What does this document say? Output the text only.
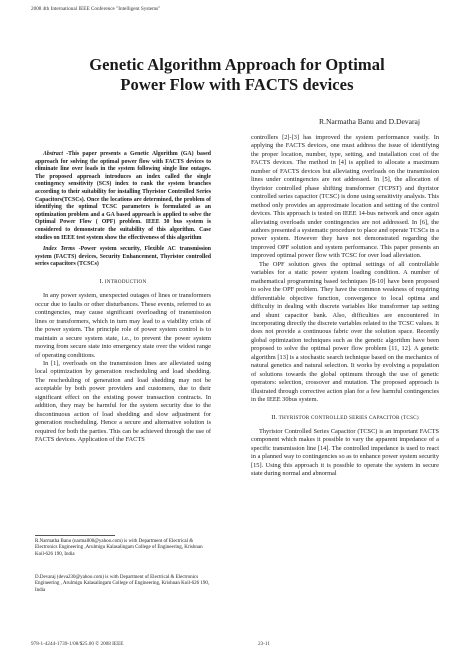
2008 4th International IEEE Conference "Intelligent Systems"
Genetic Algorithm Approach for Optimal
Power Flow with FACTS devices
R.Narmatha Banu and D.Devaraj

Abstract -This paper presents a Genetic Algorithm (GA) based approach for solving the optimal power flow with FACTS devices to eliminate line over loads in the system following single line outages. The proposed approach introduces an index called the single contingency sensitivity (SCS) index to rank the system branches according to their suitability for installing Thyristor Controlled Series Capacitors(TCSCs). Once the locations are determined, the problem of identifying the optimal TCSC parameters is formulated as an optimization problem and a GA based approach is applied to solve the Optimal Power Flow ( OPF) problem. IEEE 30 bus system is considered to demonstrate the suitability of this algorithm. Case studies on IEEE test system show the effectiveness of this algorithm

Index Terms -Power system security, Flexible AC transmission system (FACTS) devices, Security Enhancement, Thyristor controlled series capacitors (TCSCs)

I. INTRODUCTION

In any power system, unexpected outages of lines or transformers occur due to faults or other disturbances. These events, referred to as contingencies, may cause significant overloading of transmission lines or transformers, which in turn may lead to a viability crisis of the power system. The principle role of power system control is to maintain a secure system state, i.e., to prevent the power system moving from secure state into emergency state over the widest range of operating conditions.

In [1], overloads on the transmission lines are alleviated using local optimization by generation rescheduling and load shedding. The rescheduling of generation and load shedding may not be acceptable by both power providers and customers, due to their significant effect on the existing power transaction contracts. In addition, they may be harmful for the system security due to the discontinuous action of load shedding and slow adjustment for generation rescheduling. Hence a secure and alternative solution is required for both the parties. This can be achieved through the use of FACTS devices. Application of the FACTS

controllers [2]-[3] has improved the system performance vastly. In applying the FACTS devices, one must address the issue of identifying the proper location, number, type, setting, and installation cost of the FACTS devices. The method in [4] is applied to allocate a maximum number of FACTS devices but alleviating overloads on the transmission lines under contingencies are not addressed. In [5], the allocation of thyristor controlled phase shifting transformer (TCPST) and thyristor controlled series capacitor (TCSC) is done using sensitivity analysis. This method only provides an approximate location and setting of the control devices. This approach is tested on IEEE 14-bus network and once again alleviating overloads under contingencies are not addressed. In [6], the authors presented a systematic procedure to place and operate TCSCs in a power system. However they have not demonstrated regarding the improved OPF solution and system performance. This paper presents an improved optimal power flow with TCSC for over load alleviation.

The OPF solution gives the optimal settings of all controllable variables for a static power system loading condition. A number of mathematical programming based techniques [8-10] have been proposed to solve the OPF problem. They have the common weakness of requiring differentiable objective function, convergence to local optima and difficulty in dealing with discrete variables like transformer tap setting and shunt capacitor bank. Also, difficulties are encountered in incorporating directly the discrete variables related to the TCSC values. It does not provide a continuous fabric over the solution space. Recently global optimization techniques such as the genetic algorithm have been proposed to solve the optimal power flow problem [11, 12]. A genetic algorithm [13] is a stochastic search technique based on the mechanics of natural genetics and natural selection. It works by evolving a population of solutions towards the global optimum through the use of genetic operators: selection, crossover and mutation. The proposed approach is illustrated through corrective action plan for a few harmful contingencies in the IEEE 30bus system.

II. THYRISTOR CONTROLLED SERIES CAPACITOR (TCSC)

Thyristor Controlled Series Capacitor (TCSC) is an important FACTS component which makes it possible to vary the apparent impedance of a specific transmission line [14]. The controlled impedance is used to react in a planned way to contingencies so as to enhance power system security [15]. Using this approach it is possible to operate the system in secure state during normal and abnormal

R.Narmatha Banu (narmall00@yahoo.com) is with Department of Electrical & Electronics Engineering ,Arulmigu Kalasalingam College of Engineering, Krishnan Koil-626 190, India
D.Devaraj (deva230@yahoo.com) is with Department of Electrical & Electronics Engineering , Arulmigu Kalasalingam College of Engineering, Krishnan Koil-626 190, India
978-1-4244-1739-1/08/$25.00 © 2008 IEEE	23-11
